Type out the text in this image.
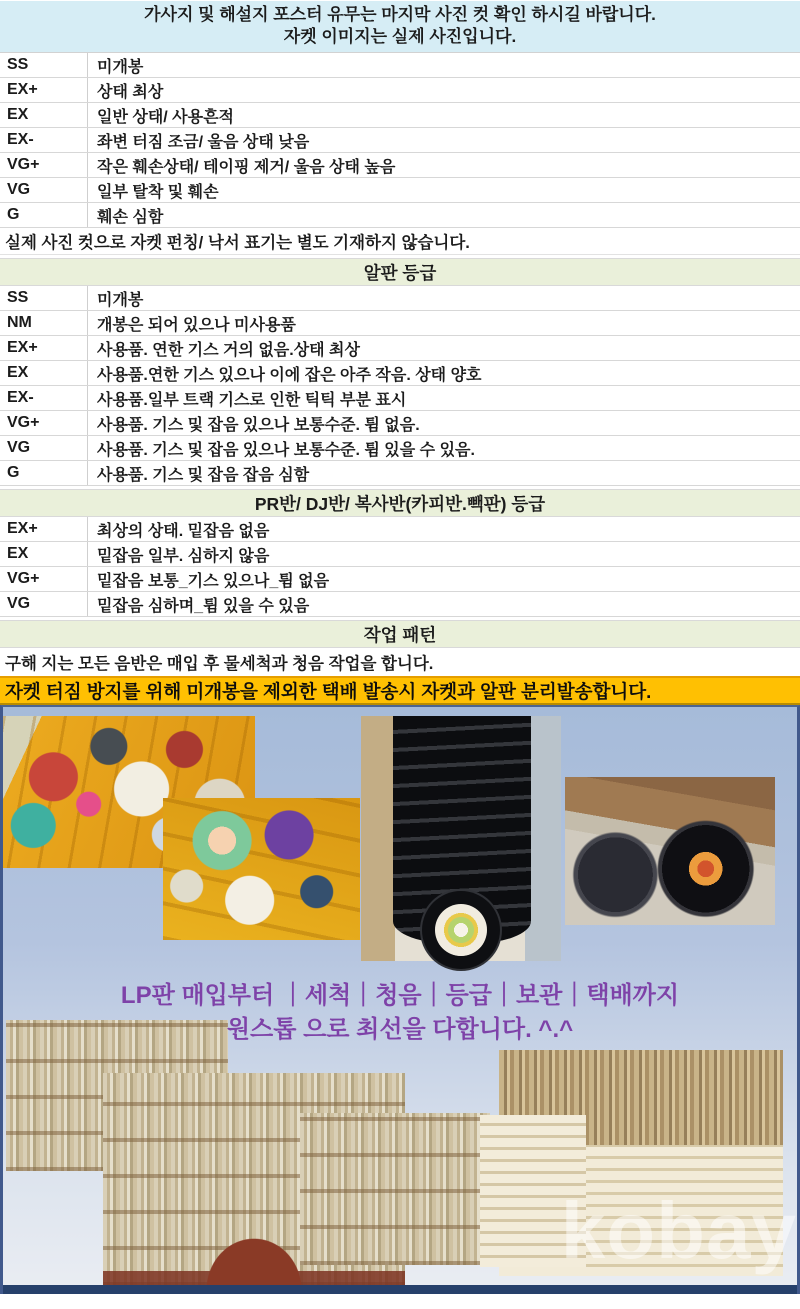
가사지 및 해설지 포스터 유무는 마지막 사진 컷 확인 하시길 바랍니다.
자켓 이미지는 실제 사진입니다.
SS	미개봉
EX+	상태 최상
EX	일반 상태/ 사용흔적
EX-	좌변 터짐 조금/ 울음 상태 낮음
VG+	작은 훼손상태/ 테이핑 제거/ 울음 상태 높음
VG	일부 탈착 및 훼손
G	훼손 심함
실제 사진 컷으로 자켓 펀칭/ 낙서 표기는 별도 기재하지 않습니다.
알판 등급
SS	미개봉
NM	개봉은 되어 있으나 미사용품
EX+	사용품. 연한 기스 거의 없음.상태 최상
EX	사용품.연한 기스 있으나 이에 잡은 아주 작음. 상태 양호
EX-	사용품.일부 트랙 기스로 인한 틱틱 부분 표시
VG+	사용품. 기스 및 잡음 있으나 보통수준. 튐 없음.
VG	사용품. 기스 및 잡음 있으나 보통수준. 튐 있을 수 있음.
G	사용품. 기스 및 잡음 잡음 심함
PR반/ DJ반/ 복사반(카피반.빽판) 등급
EX+	최상의 상태. 밑잡음 없음
EX	밑잡음 일부. 심하지 않음
VG+	밑잡음 보통_기스 있으나_튐 없음
VG	밑잡음 심하며_튐 있을 수 있음
작업 패턴
구해 지는 모든 음반은 매입 후 물세척과 청음 작업을 합니다.
자켓 터짐 방지를 위해 미개봉을 제외한 택배 발송시 자켓과 알판 분리발송합니다.
LP판 매입부터 ｜세척｜청음｜등급｜보관｜택배까지
원스톱 으로 최선을 다합니다. ^.^
kobay
